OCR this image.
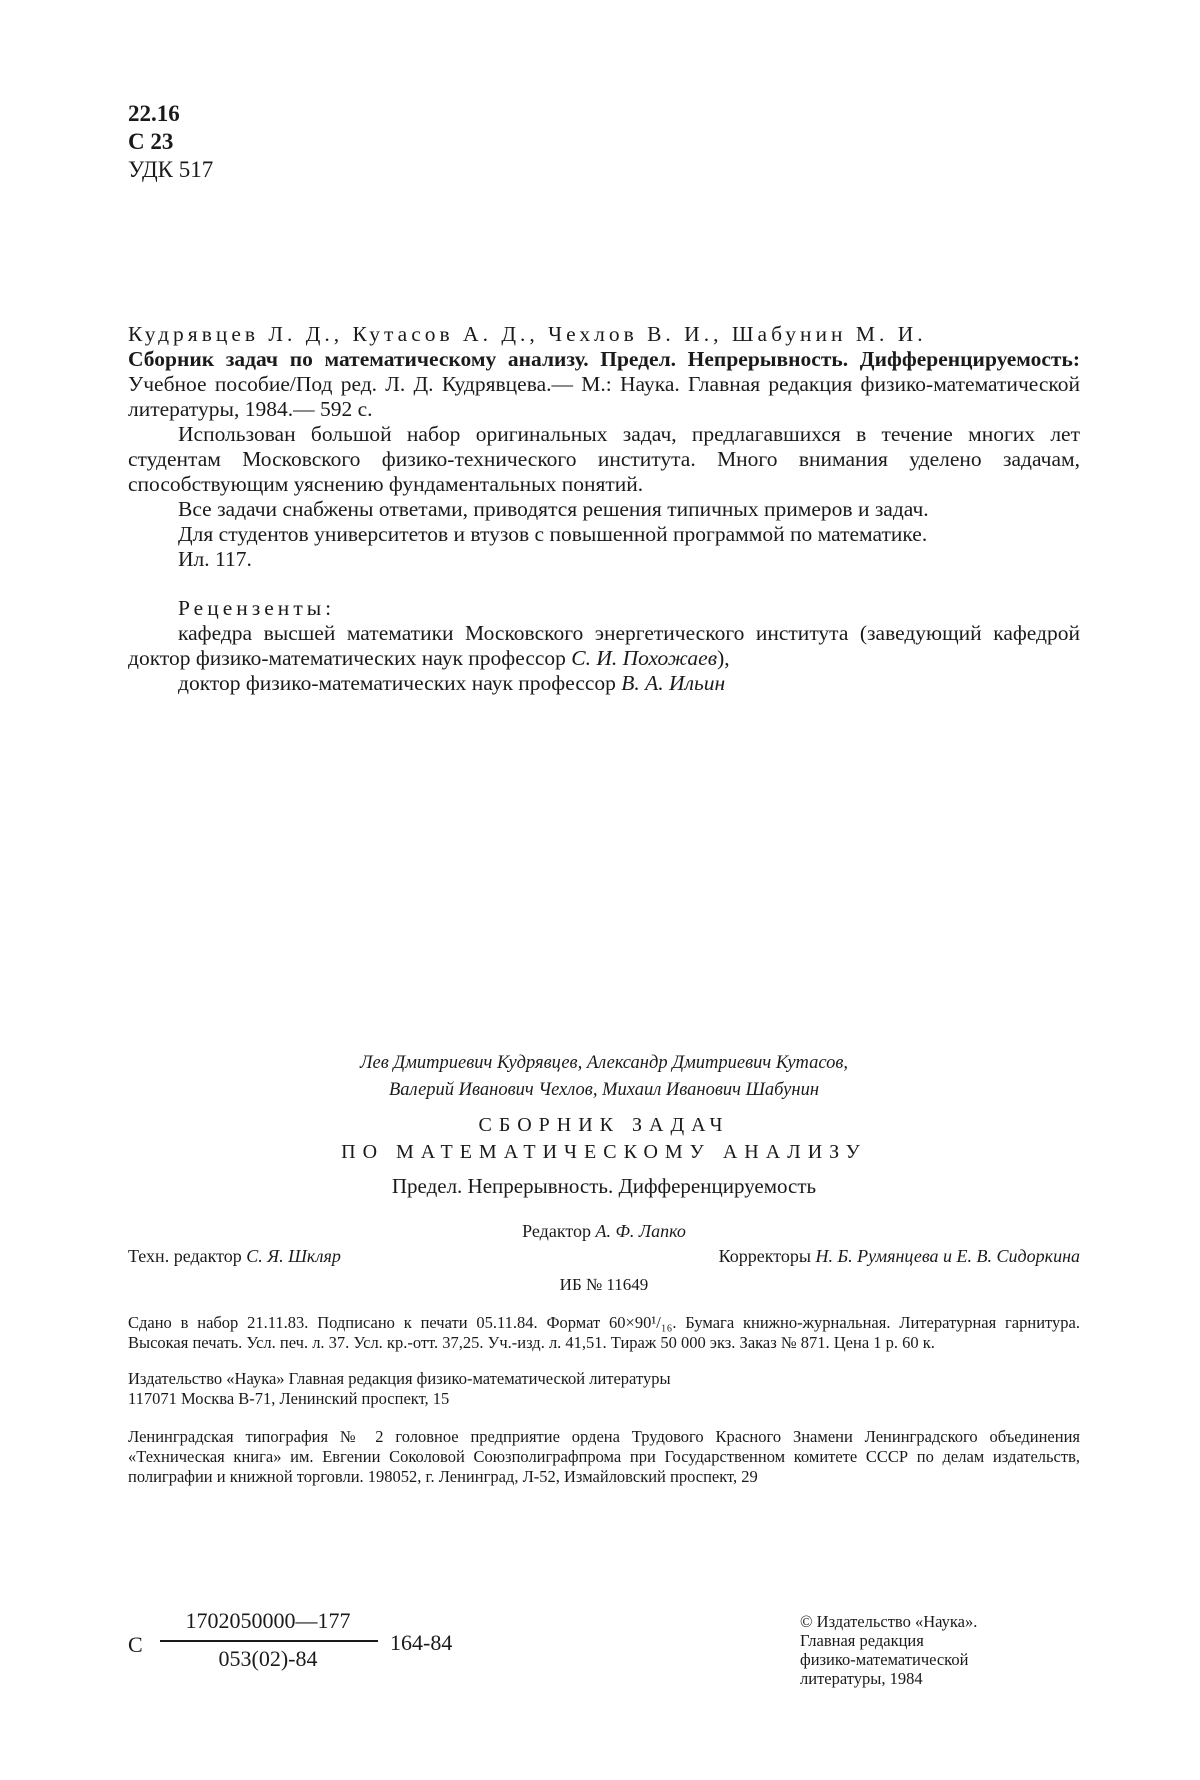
22.16
С 23
УДК 517

Кудрявцев Л. Д., Кутасов А. Д., Чехлов В. И., Шабунин М. И.
Сборник задач по математическому анализу. Предел. Непрерывность. Дифференцируемость: Учебное пособие/Под ред. Л. Д. Кудрявцева.— М.: Наука. Главная редакция физико-математической литературы, 1984.— 592 с.

Использован большой набор оригинальных задач, предлагавшихся в течение многих лет студентам Московского физико-технического института. Много внимания уделено задачам, способствующим уяснению фундаментальных понятий.

Все задачи снабжены ответами, приводятся решения типичных примеров и задач.

Для студентов университетов и втузов с повышенной программой по математике.

Ил. 117.

Рецензенты:

кафедра высшей математики Московского энергетического института (заведующий кафедрой доктор физико-математических наук профессор С. И. Похожаев),

доктор физико-математических наук профессор В. А. Ильин

Лев Дмитриевич Кудрявцев, Александр Дмитриевич Кутасов,
Валерий Иванович Чехлов, Михаил Иванович Шабунин
СБОРНИК ЗАДАЧ
ПО МАТЕМАТИЧЕСКОМУ АНАЛИЗУ
Предел. Непрерывность. Дифференцируемость
Редактор А. Ф. Лапко
Техн. редактор С. Я. Шкляр	Корректоры Н. Б. Румянцева и Е. В. Сидоркина
ИБ № 11649
Сдано в набор 21.11.83. Подписано к печати 05.11.84. Формат 60×90¹/₁₆. Бумага книжно-журнальная. Литературная гарнитура. Высокая печать. Усл. печ. л. 37. Усл. кр.-отт. 37,25. Уч.-изд. л. 41,51. Тираж 50 000 экз. Заказ № 871. Цена 1 р. 60 к.
Издательство «Наука» Главная редакция физико-математической литературы
117071 Москва В-71, Ленинский проспект, 15
Ленинградская типография № 2 головное предприятие ордена Трудового Красного Знамени Ленинградского объединения «Техническая книга» им. Евгении Соколовой Союзполиграфпрома при Государственном комитете СССР по делам издательств, полиграфии и книжной торговли. 198052, г. Ленинград, Л-52, Измайловский проспект, 29
С
1702050000—177
053(02)-84
164-84
© Издательство «Наука».
Главная редакция
физико-математической
литературы, 1984
